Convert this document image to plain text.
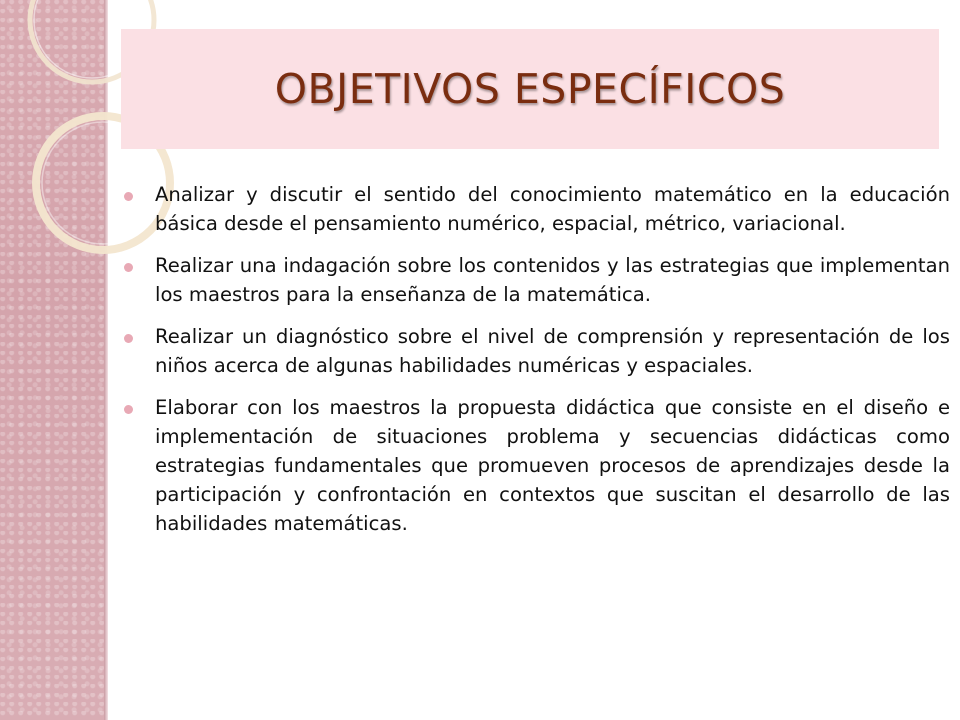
OBJETIVOS ESPECÍFICOS
Analizar y discutir el sentido del conocimiento matemático en la educación básica desde el pensamiento numérico, espacial, métrico, variacional.
Realizar una indagación sobre los contenidos y las estrategias que implementan los maestros para la enseñanza de la matemática.
Realizar un diagnóstico sobre el nivel de comprensión y representación de los niños acerca de algunas habilidades numéricas y espaciales.
Elaborar con los maestros la propuesta didáctica que consiste en el diseño e implementación de situaciones problema y secuencias didácticas como estrategias fundamentales que promueven procesos de aprendizajes desde la participación y confrontación en contextos que suscitan el desarrollo de las habilidades matemáticas.
